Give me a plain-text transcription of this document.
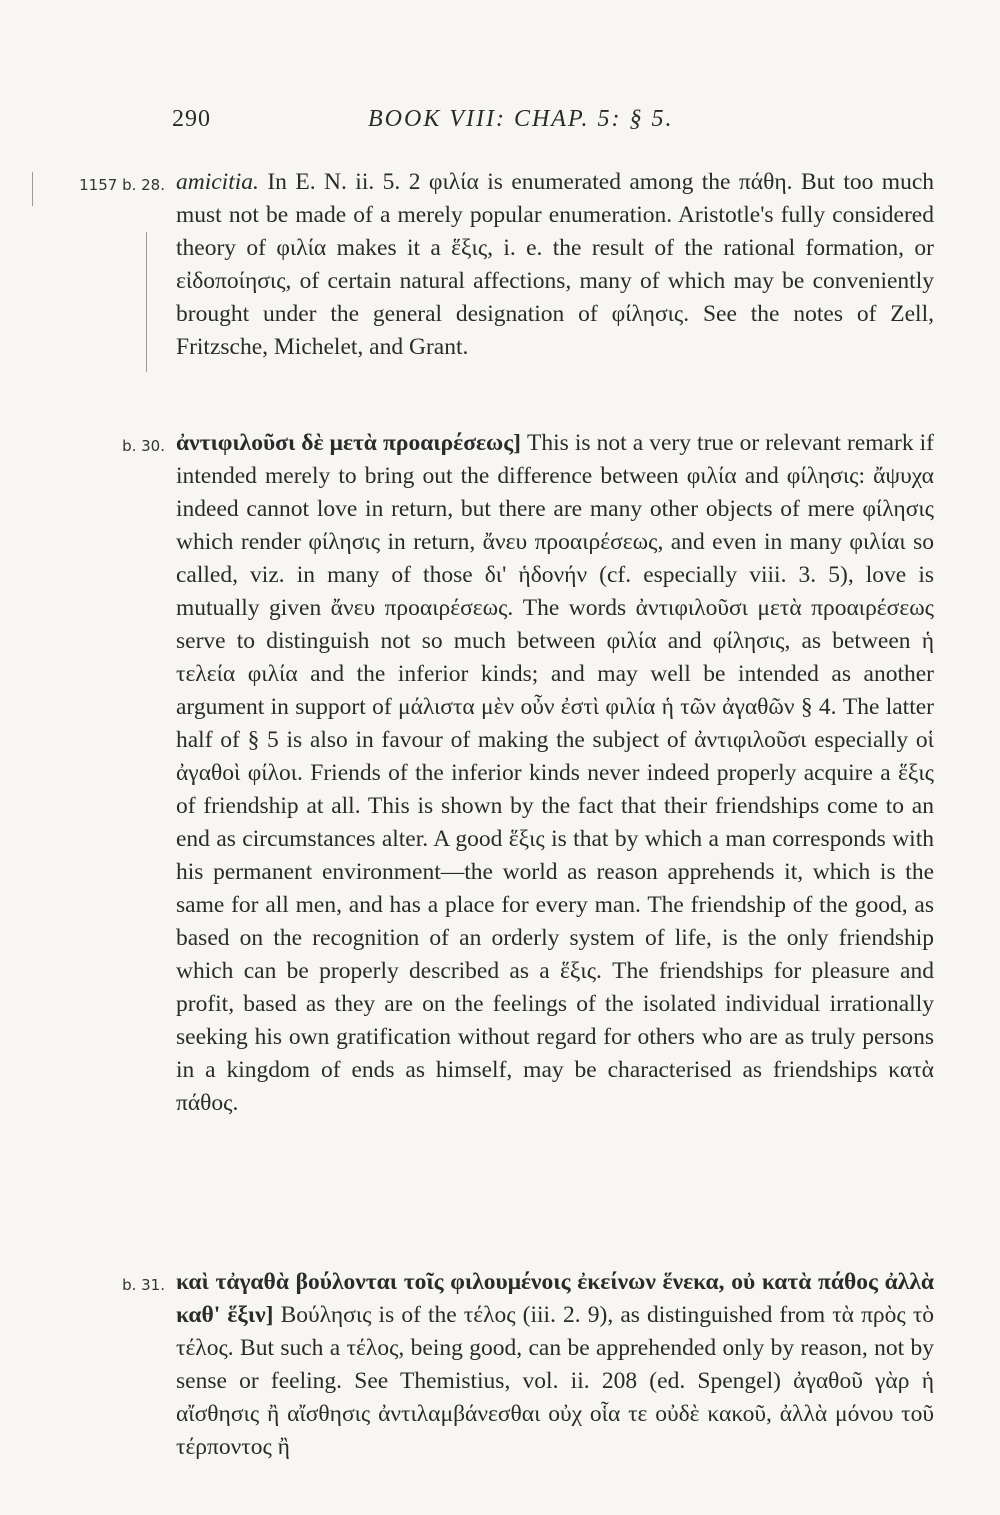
290	BOOK VIII: CHAP. 5: § 5.
1157 b. 28. amicitia. In E. N. ii. 5. 2 φιλία is enumerated among the πάθη. But too much must not be made of a merely popular enumeration. Aristotle's fully considered theory of φιλία makes it a ἕξις, i. e. the result of the rational formation, or εἰδοποίησις, of certain natural affections, many of which may be conveniently brought under the general designation of φίλησις. See the notes of Zell, Fritzsche, Michelet, and Grant.
b. 30. ἀντιφιλοῦσι δὲ μετὰ προαιρέσεως] This is not a very true or relevant remark if intended merely to bring out the difference between φιλία and φίλησις: ἄψυχα indeed cannot love in return, but there are many other objects of mere φίλησις which render φίλησις in return, ἄνευ προαιρέσεως, and even in many φιλίαι so called, viz. in many of those δι' ἡδονήν (cf. especially viii. 3. 5), love is mutually given ἄνευ προαιρέσεως. The words ἀντιφιλοῦσι μετὰ προαιρέσεως serve to distinguish not so much between φιλία and φίλησις, as between ἡ τελεία φιλία and the inferior kinds; and may well be intended as another argument in support of μάλιστα μὲν οὖν ἐστὶ φιλία ἡ τῶν ἀγαθῶν § 4. The latter half of § 5 is also in favour of making the subject of ἀντιφιλοῦσι especially οἱ ἀγαθοὶ φίλοι. Friends of the inferior kinds never indeed properly acquire a ἕξις of friendship at all. This is shown by the fact that their friendships come to an end as circumstances alter. A good ἕξις is that by which a man corresponds with his permanent environment—the world as reason apprehends it, which is the same for all men, and has a place for every man. The friendship of the good, as based on the recognition of an orderly system of life, is the only friendship which can be properly described as a ἕξις. The friendships for pleasure and profit, based as they are on the feelings of the isolated individual irrationally seeking his own gratification without regard for others who are as truly persons in a kingdom of ends as himself, may be characterised as friendships κατὰ πάθος.
b. 31. καὶ τἀγαθὰ βούλονται τοῖς φιλουμένοις ἐκείνων ἕνεκα, οὐ κατὰ πάθος ἀλλὰ καθ' ἕξιν] Βούλησις is of the τέλος (iii. 2. 9), as distinguished from τὰ πρὸς τὸ τέλος. But such a τέλος, being good, can be apprehended only by reason, not by sense or feeling. See Themistius, vol. ii. 208 (ed. Spengel) ἀγαθοῦ γὰρ ἡ αἴσθησις ἢ αἴσθησις ἀντιλαμβάνεσθαι οὐχ οἷα τε οὐδὲ κακοῦ, ἀλλὰ μόνου τοῦ τέρποντος ἢ
